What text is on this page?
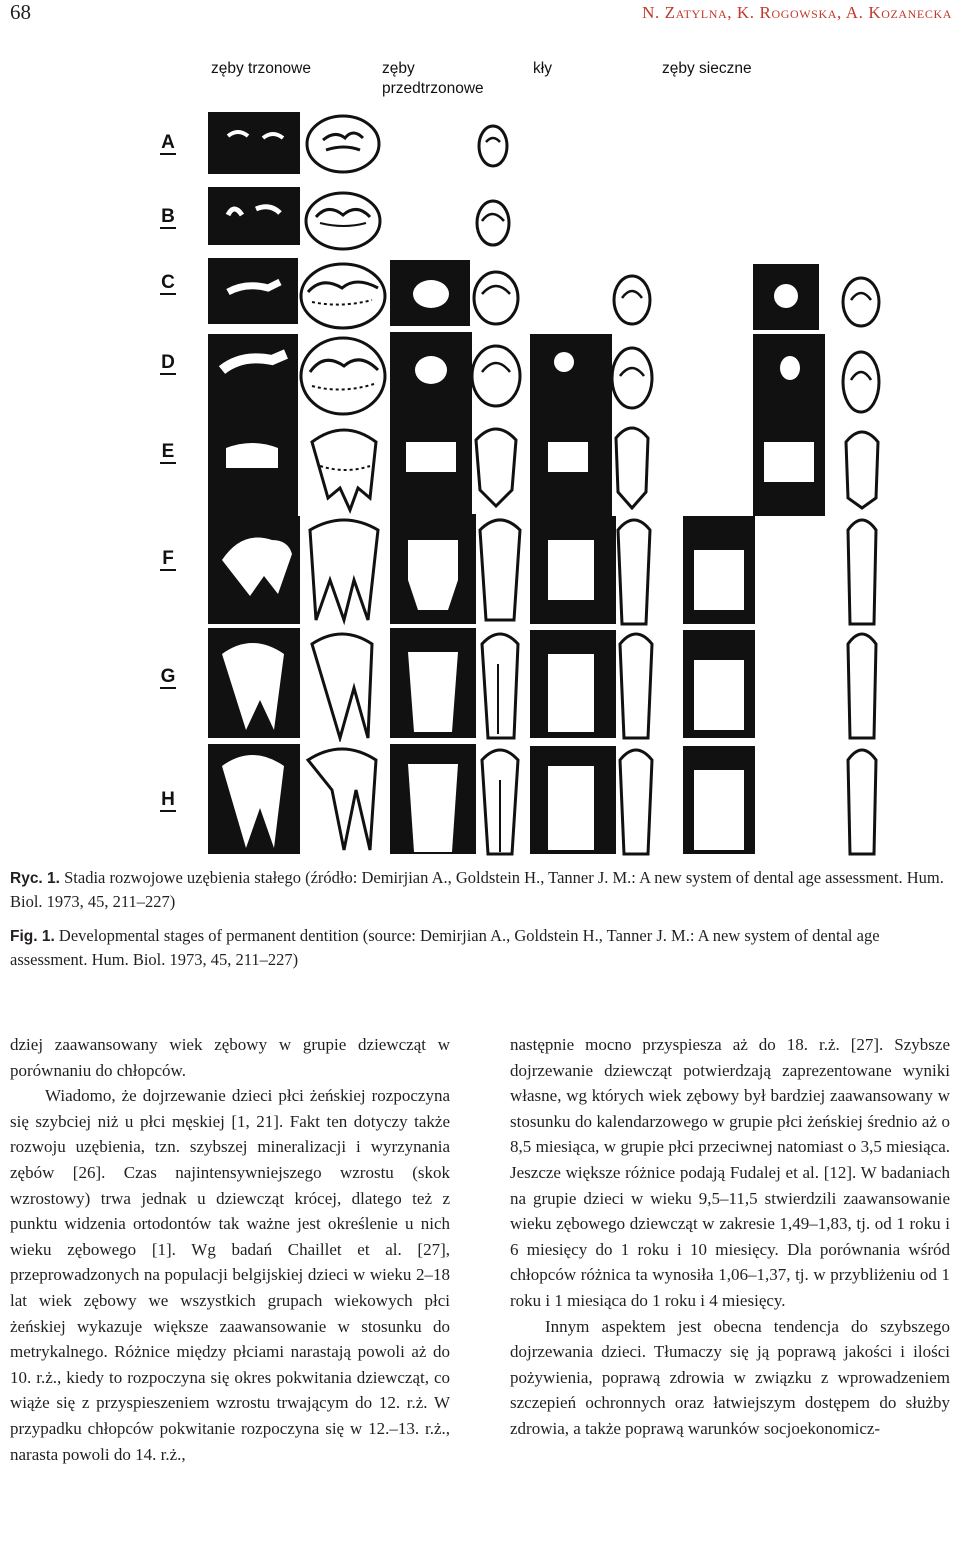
68	N. Zatylna, K. Rogowska, A. Kozanecka
zęby trzonowe	zęby przedtrzonowe
kły	zęby sieczne
A
B
C
D
E
F
G
H
Ryc. 1. Stadia rozwojowe uzębienia stałego (źródło: Demirjian A., Goldstein H., Tanner J. M.: A new system of dental age assessment. Hum. Biol. 1973, 45, 211–227)
Fig. 1. Developmental stages of permanent dentition (source: Demirjian A., Goldstein H., Tanner J. M.: A new system of dental age assessment. Hum. Biol. 1973, 45, 211–227)

dziej zaawansowany wiek zębowy w grupie dziewcząt w porównaniu do chłopców.

Wiadomo, że dojrzewanie dzieci płci żeńskiej rozpoczyna się szybciej niż u płci męskiej [1, 21]. Fakt ten dotyczy także rozwoju uzębienia, tzn. szybszej mineralizacji i wyrzynania zębów [26]. Czas najintensywniejszego wzrostu (skok wzrostowy) trwa jednak u dziewcząt krócej, dlatego też z punktu widzenia ortodontów tak ważne jest określenie u nich wieku zębowego [1]. Wg badań Chaillet et al. [27], przeprowadzonych na populacji belgijskiej dzieci w wieku 2–18 lat wiek zębowy we wszystkich grupach wiekowych płci żeńskiej wykazuje większe zaawansowanie w stosunku do metrykalnego. Różnice między płciami narastają powoli aż do 10. r.ż., kiedy to rozpoczyna się okres pokwitania dziewcząt, co wiąże się z przyspieszeniem wzrostu trwającym do 12. r.ż. W przypadku chłopców pokwitanie rozpoczyna się w 12.–13. r.ż., narasta powoli do 14. r.ż.,

następnie mocno przyspiesza aż do 18. r.ż. [27]. Szybsze dojrzewanie dziewcząt potwierdzają zaprezentowane wyniki własne, wg których wiek zębowy był bardziej zaawansowany w stosunku do kalendarzowego w grupie płci żeńskiej średnio aż o 8,5 miesiąca, w grupie płci przeciwnej natomiast o 3,5 miesiąca. Jeszcze większe różnice podają Fudalej et al. [12]. W badaniach na grupie dzieci w wieku 9,5–11,5 stwierdzili zaawansowanie wieku zębowego dziewcząt w zakresie 1,49–1,83, tj. od 1 roku i 6 miesięcy do 1 roku i 10 miesięcy. Dla porównania wśród chłopców różnica ta wynosiła 1,06–1,37, tj. w przybliżeniu od 1 roku i 1 miesiąca do 1 roku i 4 miesięcy.

Innym aspektem jest obecna tendencja do szybszego dojrzewania dzieci. Tłumaczy się ją poprawą jakości i ilości pożywienia, poprawą zdrowia w związku z wprowadzeniem szczepień ochronnych oraz łatwiejszym dostępem do służby zdrowia, a także poprawą warunków socjoekonomicz-
